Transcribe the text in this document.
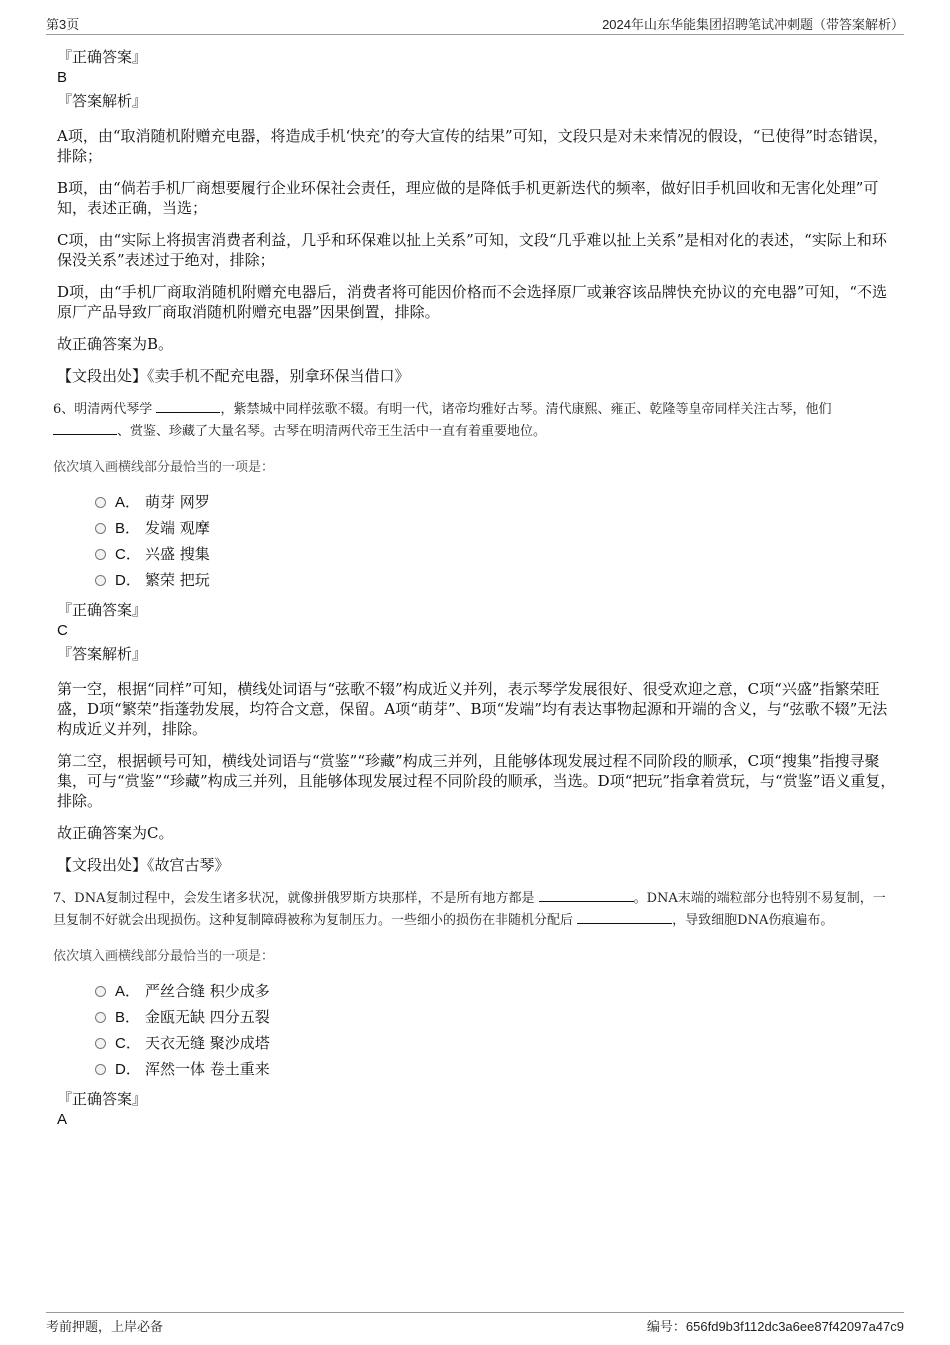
第3页	2024年山东华能集团招聘笔试冲刺题（带答案解析）
『正确答案』
B
『答案解析』

A项，由“取消随机附赠充电器，将造成手机‘快充’的夸大宣传的结果”可知，文段只是对未来情况的假设，“已使得”时态错误，排除；

B项，由“倘若手机厂商想要履行企业环保社会责任，理应做的是降低手机更新迭代的频率，做好旧手机回收和无害化处理”可知，表述正确，当选；

C项，由“实际上将损害消费者利益，几乎和环保难以扯上关系”可知，文段“几乎难以扯上关系”是相对化的表述，“实际上和环保没关系”表述过于绝对，排除；

D项，由“手机厂商取消随机附赠充电器后，消费者将可能因价格而不会选择原厂或兼容该品牌快充协议的充电器”可知，“不选原厂产品导致厂商取消随机附赠充电器”因果倒置，排除。

故正确答案为B。

【文段出处】《卖手机不配充电器，别拿环保当借口》

6、明清两代琴学	，紫禁城中同样弦歌不辍。有明一代，诸帝均雅好古琴。清代康熙、雍正、乾隆等皇帝同样关注古琴，他们 、赏鉴、珍藏了大量名琴。古琴在明清两代帝王生活中一直有着重要地位。

依次填入画横线部分最恰当的一项是：

A． 萌芽 网罗
B． 发端 观摩
C． 兴盛 搜集
D． 繁荣 把玩
『正确答案』
C
『答案解析』

第一空，根据“同样”可知，横线处词语与“弦歌不辍”构成近义并列，表示琴学发展很好、很受欢迎之意，C项“兴盛”指繁荣旺盛，D项“繁荣”指蓬勃发展，均符合文意，保留。A项“萌芽”、B项“发端”均有表达事物起源和开端的含义，与“弦歌不辍”无法构成近义并列，排除。

第二空，根据顿号可知，横线处词语与“赏鉴”“珍藏”构成三并列，且能够体现发展过程不同阶段的顺承，C项“搜集”指搜寻聚集，可与“赏鉴”“珍藏”构成三并列，且能够体现发展过程不同阶段的顺承，当选。D项“把玩”指拿着赏玩，与“赏鉴”语义重复，排除。

故正确答案为C。

【文段出处】《故宫古琴》

7、DNA复制过程中，会发生诸多状况，就像拼俄罗斯方块那样，不是所有地方都是	。DNA末端的端粒部分也特别不易复制，一旦复制不好就会出现损伤。这种复制障碍被称为复制压力。一些细小的损伤在非随机分配后	，导致细胞DNA伤痕遍布。

依次填入画横线部分最恰当的一项是：

A． 严丝合缝 积少成多
B． 金瓯无缺 四分五裂
C． 天衣无缝 聚沙成塔
D． 浑然一体 卷土重来
『正确答案』
A
考前押题，上岸必备	编号：656fd9b3f112dc3a6ee87f42097a47c9
